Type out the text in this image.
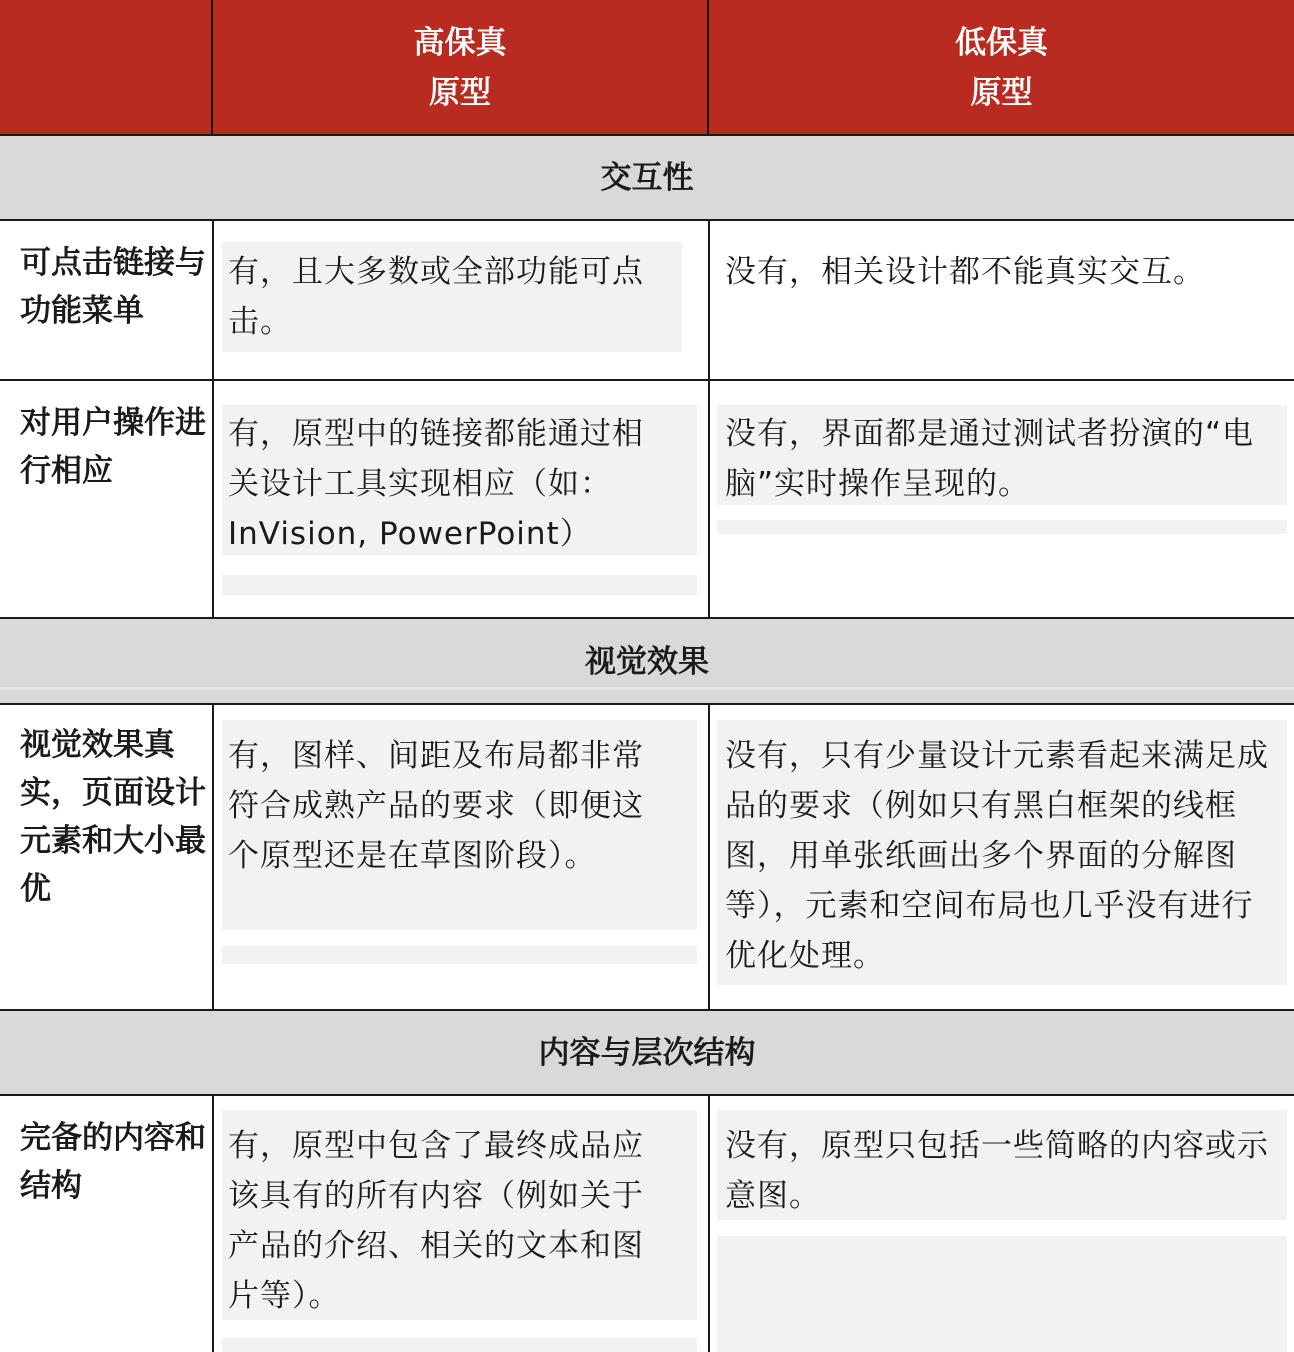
高保真
原型
低保真
原型
交互性
可点击链接与功能菜单
有，且大多数或全部功能可点击。
没有，相关设计都不能真实交互。
对用户操作进行相应
有，原型中的链接都能通过相关设计工具实现相应（如：InVision, PowerPoint）
没有，界面都是通过测试者扮演的“电脑”实时操作呈现的。
视觉效果
视觉效果真实，页面设计元素和大小最优
有，图样、间距及布局都非常符合成熟产品的要求（即便这个原型还是在草图阶段）。
没有，只有少量设计元素看起来满足成品的要求（例如只有黑白框架的线框图，用单张纸画出多个界面的分解图等），元素和空间布局也几乎没有进行优化处理。
内容与层次结构
完备的内容和结构
有，原型中包含了最终成品应该具有的所有内容（例如关于产品的介绍、相关的文本和图片等）。
没有，原型只包括一些简略的内容或示意图。
